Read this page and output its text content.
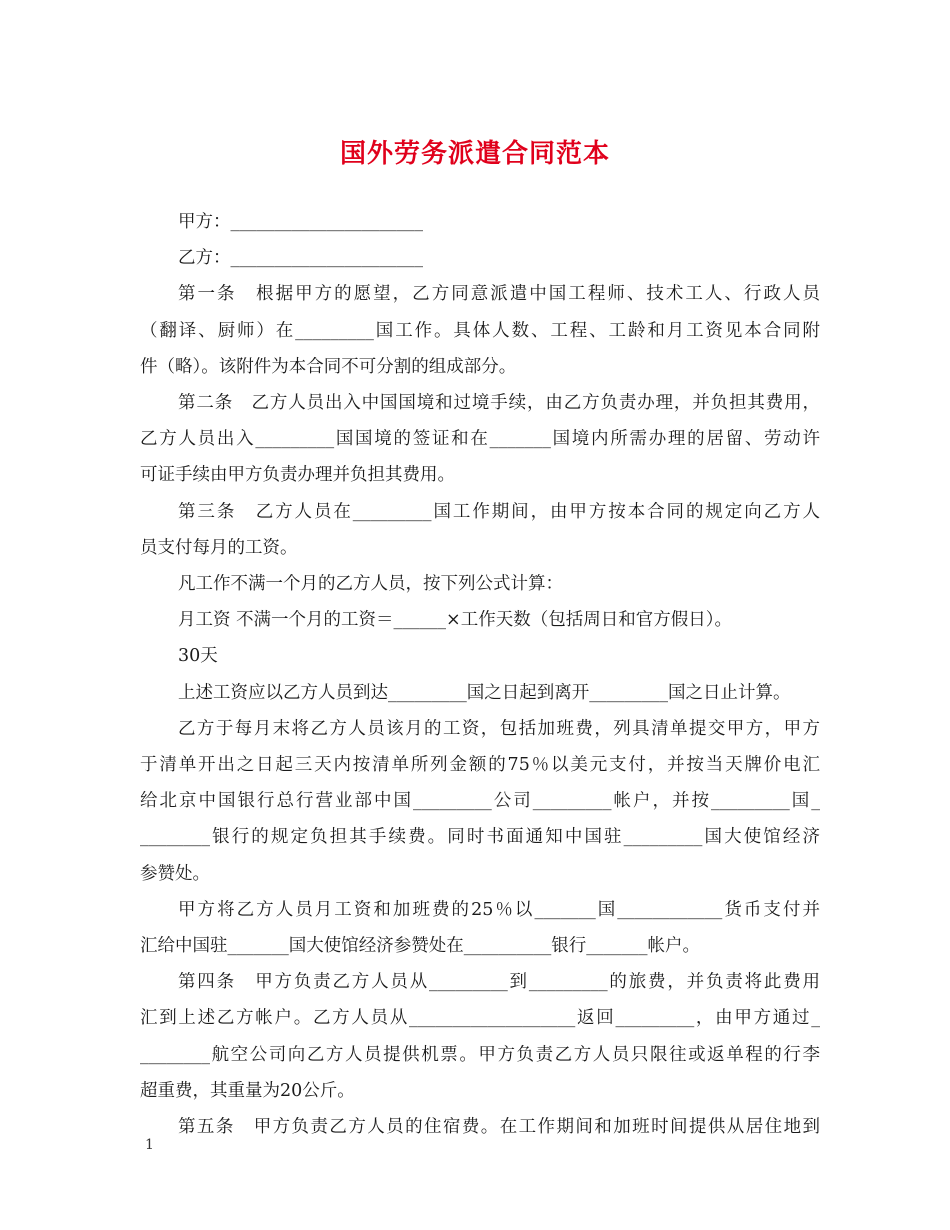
国外劳务派遣合同范本
甲方：______________________
乙方：______________________
第一条　根据甲方的愿望，乙方同意派遣中国工程师、技术工人、行政人员
（翻译、厨师）在_________国工作。具体人数、工程、工龄和月工资见本合同附
件（略）。该附件为本合同不可分割的组成部分。
第二条　乙方人员出入中国国境和过境手续，由乙方负责办理，并负担其费用，
乙方人员出入_________国国境的签证和在_______国境内所需办理的居留、劳动许
可证手续由甲方负责办理并负担其费用。
第三条　乙方人员在_________国工作期间，由甲方按本合同的规定向乙方人
员支付每月的工资。
凡工作不满一个月的乙方人员，按下列公式计算：
月工资 不满一个月的工资＝______×工作天数（包括周日和官方假日）。
30天
上述工资应以乙方人员到达_________国之日起到离开_________国之日止计算。
乙方于每月末将乙方人员该月的工资，包括加班费，列具清单提交甲方，甲方
于清单开出之日起三天内按清单所列金额的75％以美元支付，并按当天牌价电汇
给北京中国银行总行营业部中国_________公司_________帐户，并按_________国_
________银行的规定负担其手续费。同时书面通知中国驻_________国大使馆经济
参赞处。
甲方将乙方人员月工资和加班费的25％以_______国____________货币支付并
汇给中国驻_______国大使馆经济参赞处在__________银行_______帐户。
第四条　甲方负责乙方人员从_________到_________的旅费，并负责将此费用
汇到上述乙方帐户。乙方人员从___________________返回_________，由甲方通过_
________航空公司向乙方人员提供机票。甲方负责乙方人员只限往或返单程的行李
超重费，其重量为20公斤。
第五条　甲方负责乙方人员的住宿费。在工作期间和加班时间提供从居住地到
1
